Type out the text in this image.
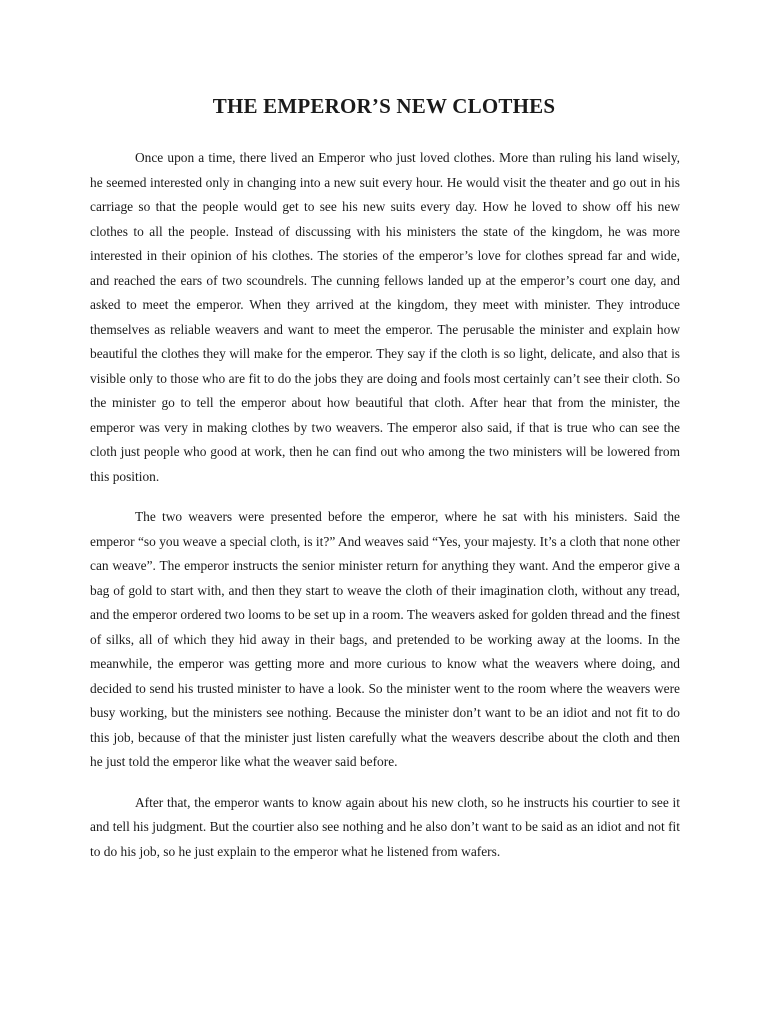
THE EMPEROR’S NEW CLOTHES

Once upon a time, there lived an Emperor who just loved clothes. More than ruling his land wisely, he seemed interested only in changing into a new suit every hour. He would visit the theater and go out in his carriage so that the people would get to see his new suits every day. How he loved to show off his new clothes to all the people. Instead of discussing with his ministers the state of the kingdom, he was more interested in their opinion of his clothes. The stories of the emperor’s love for clothes spread far and wide, and reached the ears of two scoundrels. The cunning fellows landed up at the emperor’s court one day, and asked to meet the emperor. When they arrived at the kingdom, they meet with minister. They introduce themselves as reliable weavers and want to meet the emperor. The perusable the minister and explain how beautiful the clothes they will make for the emperor. They say if the cloth is so light, delicate, and also that is visible only to those who are fit to do the jobs they are doing and fools most certainly can’t see their cloth. So the minister go to tell the emperor about how beautiful that cloth. After hear that from the minister, the emperor was very in making clothes by two weavers. The emperor also said, if that is true who can see the cloth just people who good at work, then he can find out who among the two ministers will be lowered from this position.

The two weavers were presented before the emperor, where he sat with his ministers. Said the emperor “so you weave a special cloth, is it?” And weaves said “Yes, your majesty. It’s a cloth that none other can weave”. The emperor instructs the senior minister return for anything they want. And the emperor give a bag of gold to start with, and then they start to weave the cloth of their imagination cloth, without any tread, and the emperor ordered two looms to be set up in a room. The weavers asked for golden thread and the finest of silks, all of which they hid away in their bags, and pretended to be working away at the looms. In the meanwhile, the emperor was getting more and more curious to know what the weavers where doing, and decided to send his trusted minister to have a look. So the minister went to the room where the weavers were busy working, but the ministers see nothing. Because the minister don’t want to be an idiot and not fit to do this job, because of that the minister just listen carefully what the weavers describe about the cloth and then he just told the emperor like what the weaver said before.

After that, the emperor wants to know again about his new cloth, so he instructs his courtier to see it and tell his judgment. But the courtier also see nothing and he also don’t want to be said as an idiot and not fit to do his job, so he just explain to the emperor what he listened from wafers.
